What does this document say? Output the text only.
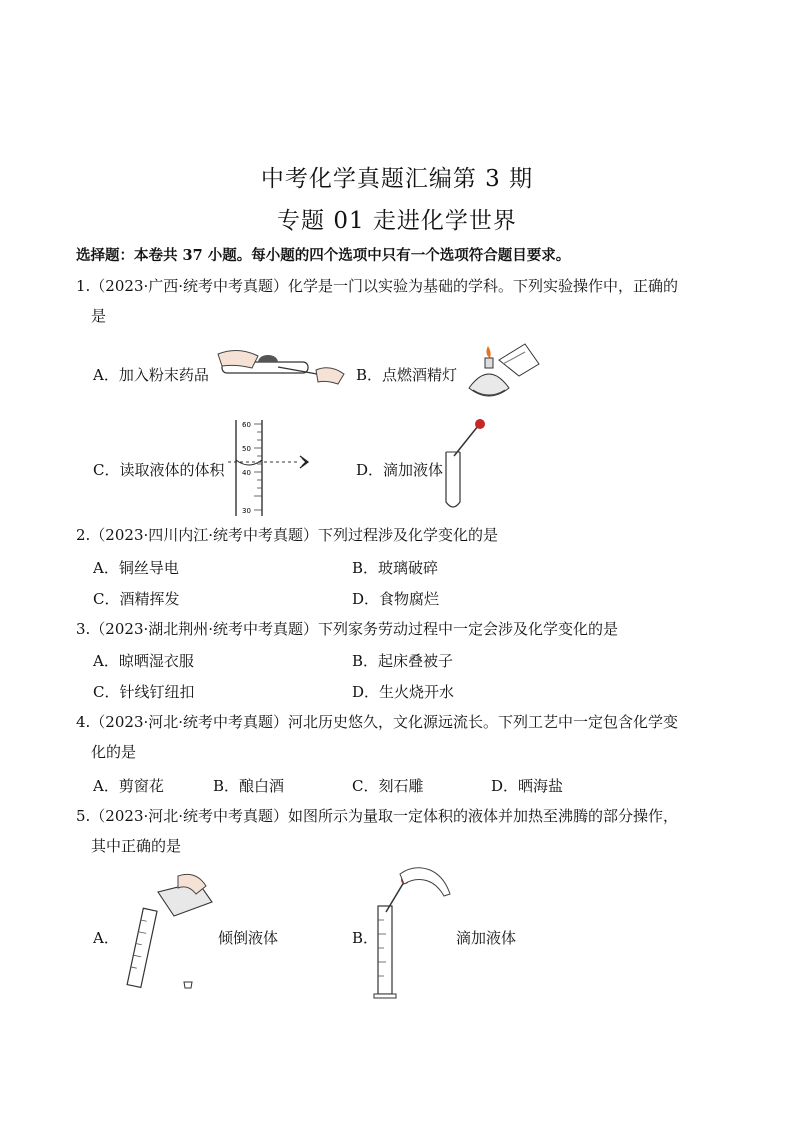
中考化学真题汇编第 3 期
专题 01 走进化学世界
选择题：本卷共 37 小题。每小题的四个选项中只有一个选项符合题目要求。
1.（2023·广西·统考中考真题）化学是一门以实验为基础的学科。下列实验操作中，正确的
是
A．加入粉末药品	B．点燃酒精灯
C．读取液体的体积
60
50
40
30
D．滴加液体
2.（2023·四川内江·统考中考真题）下列过程涉及化学变化的是
A．铜丝导电	B．玻璃破碎
C．酒精挥发	D．食物腐烂
3.（2023·湖北荆州·统考中考真题）下列家务劳动过程中一定会涉及化学变化的是
A．晾晒湿衣服	B．起床叠被子
C．针线钉纽扣	D．生火烧开水
4.（2023·河北·统考中考真题）河北历史悠久，文化源远流长。下列工艺中一定包含化学变
化的是
A．剪窗花	B．酿白酒	C．刻石雕	D．晒海盐
5.（2023·河北·统考中考真题）如图所示为量取一定体积的液体并加热至沸腾的部分操作，
其中正确的是
A．	倾倒液体	B．	滴加液体
